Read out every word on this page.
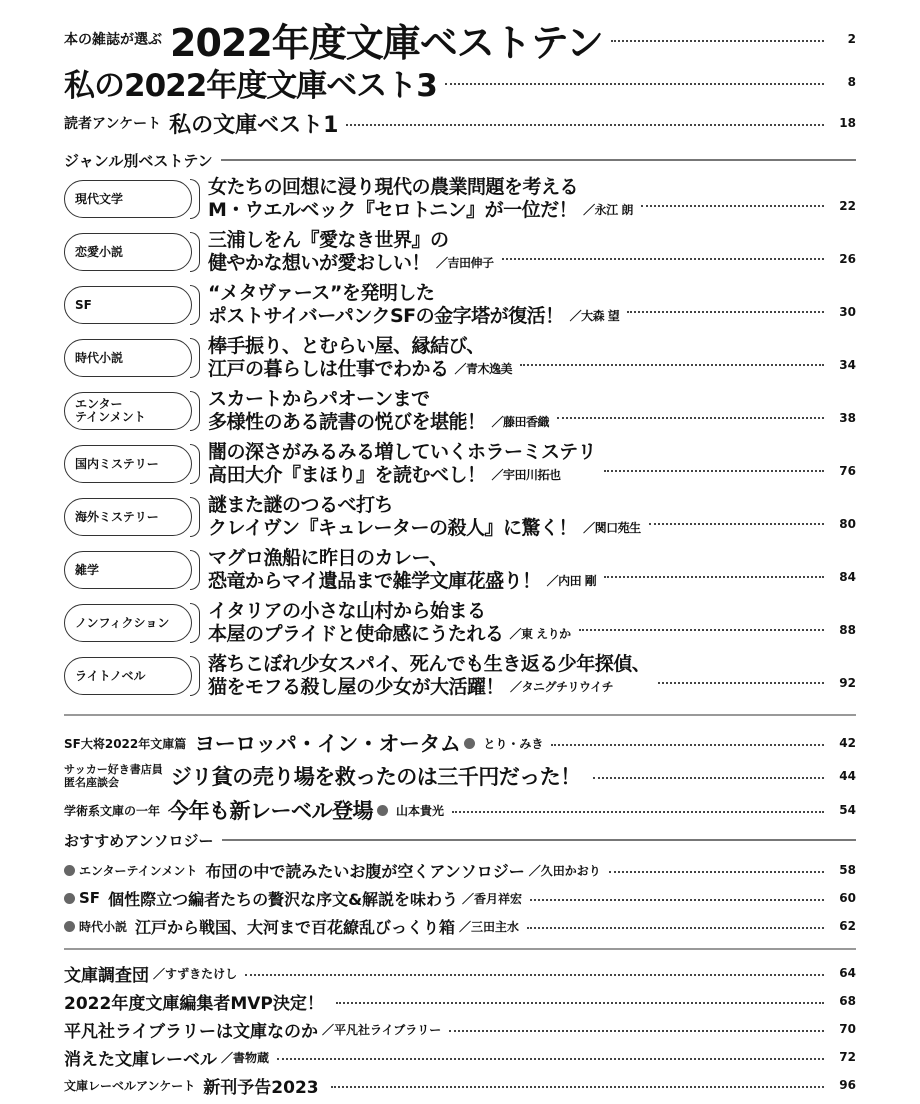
本の雑誌が選ぶ 2022年度文庫ベストテン	2
私の2022年度文庫ベスト3	8
読者アンケート 私の文庫ベスト1	18
ジャンル別ベストテン
現代文学
女たちの回想に浸り現代の農業問題を考える
M・ウエルベック『セロトニン』が一位だ！ ／永江 朗	22
恋愛小説
三浦しをん『愛なき世界』の
健やかな想いが愛おしい！ ／吉田伸子	26
SF
“メタヴァース”を発明した
ポストサイバーパンクSFの金字塔が復活！ ／大森 望	30
時代小説
棒手振り、とむらい屋、縁結び、
江戸の暮らしは仕事でわかる ／青木逸美	34
エンター
テインメント
スカートからパオーンまで
多様性のある読書の悦びを堪能！ ／藤田香織	38
国内ミステリー
闇の深さがみるみる増していくホラーミステリ
高田大介『まほり』を読むべし！ ／宇田川拓也	76
海外ミステリー
謎また謎のつるべ打ち
クレイヴン『キュレーターの殺人』に驚く！ ／関口苑生	80
雑学
マグロ漁船に昨日のカレー、
恐竜からマイ遺品まで雑学文庫花盛り！ ／内田 剛	84
ノンフィクション
イタリアの小さな山村から始まる
本屋のプライドと使命感にうたれる ／東 えりか	88
ライトノベル
落ちこぼれ少女スパイ、死んでも生き返る少年探偵、
猫をモフる殺し屋の少女が大活躍！ ／タニグチリウイチ	92
SF大将2022年文庫篇 ヨーロッパ・イン・オータム とり・みき	42
サッカー好き書店員
匿名座談会	ジリ貧の売り場を救ったのは三千円だった！	44
学術系文庫の一年 今年も新レーベル登場 山本貴光	54
おすすめアンソロジー
エンターテインメント 布団の中で読みたいお腹が空くアンソロジー ／久田かおり	58
SF 個性際立つ編者たちの贅沢な序文&解説を味わう ／香月祥宏	60
時代小説 江戸から戦国、大河まで百花繚乱びっくり箱 ／三田主水	62
文庫調査団 ／すずきたけし	64
2022年度文庫編集者MVP決定！	68
平凡社ライブラリーは文庫なのか ／平凡社ライブラリー	70
消えた文庫レーベル ／書物蔵	72
文庫レーベルアンケート 新刊予告2023	96
